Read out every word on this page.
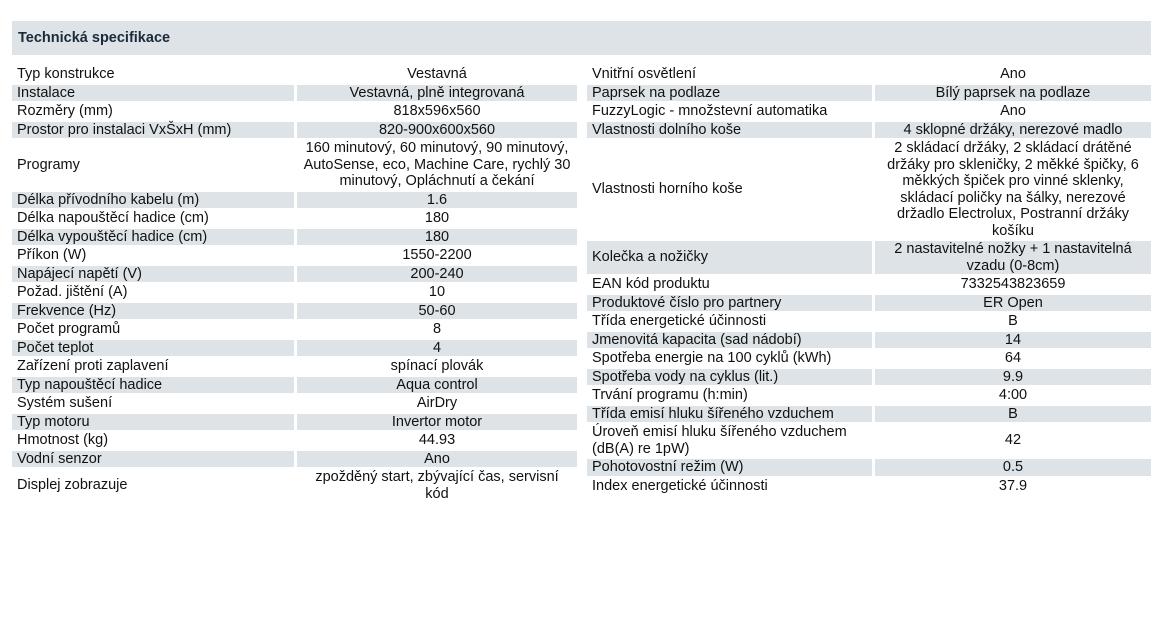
Technická specifikace
Typ konstrukce	Vestavná
Instalace	Vestavná, plně integrovaná
Rozměry (mm)	818x596x560
Prostor pro instalaci VxŠxH (mm)	820-900x600x560
Programy	160 minutový, 60 minutový, 90 minutový, AutoSense, eco, Machine Care, rychlý 30 minutový, Opláchnutí a čekání
Délka přívodního kabelu (m)	1.6
Délka napouštěcí hadice (cm)	180
Délka vypouštěcí hadice (cm)	180
Příkon (W)	1550-2200
Napájecí napětí (V)	200-240
Požad. jištění (A)	10
Frekvence (Hz)	50-60
Počet programů	8
Počet teplot	4
Zařízení proti zaplavení	spínací plovák
Typ napouštěcí hadice	Aqua control
Systém sušení	AirDry
Typ motoru	Invertor motor
Hmotnost (kg)	44.93
Vodní senzor	Ano
Displej zobrazuje	zpožděný start, zbývající čas, servisní kód
Vnitřní osvětlení	Ano
Paprsek na podlaze	Bílý paprsek na podlaze
FuzzyLogic - množstevní automatika	Ano
Vlastnosti dolního koše	4 sklopné držáky, nerezové madlo
Vlastnosti horního koše	2 skládací držáky, 2 skládací drátěné držáky pro skleničky, 2 měkké špičky, 6 měkkých špiček pro vinné sklenky, skládací poličky na šálky, nerezové držadlo Electrolux, Postranní držáky košíku
Kolečka a nožičky	2 nastavitelné nožky + 1 nastavitelná vzadu (0-8cm)
EAN kód produktu	7332543823659
Produktové číslo pro partnery	ER Open
Třída energetické účinnosti	B
Jmenovitá kapacita (sad nádobí)	14
Spotřeba energie na 100 cyklů (kWh)	64
Spotřeba vody na cyklus (lit.)	9.9
Trvání programu (h:min)	4:00
Třída emisí hluku šířeného vzduchem	B
Úroveň emisí hluku šířeného vzduchem (dB(A) re 1pW)	42
Pohotovostní režim (W)	0.5
Index energetické účinnosti	37.9
